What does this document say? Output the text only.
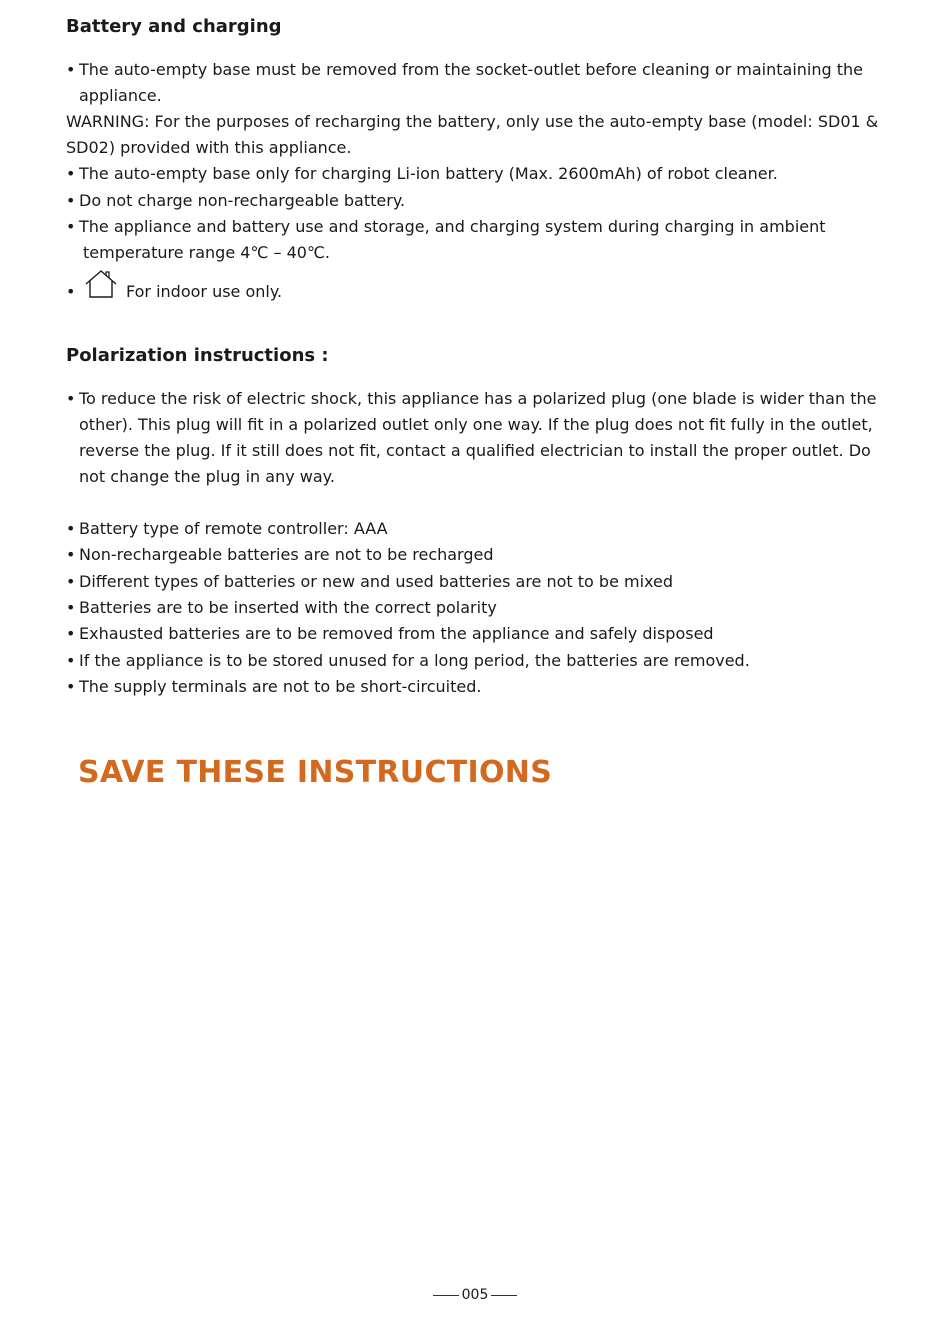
Battery and charging
• The auto-empty base must be removed from the socket-outlet before cleaning or maintaining the
appliance.
WARNING: For the purposes of recharging the battery, only use the auto-empty base (model: SD01 &
SD02) provided with this appliance.
• The auto-empty base only for charging Li-ion battery (Max. 2600mAh) of robot cleaner.
• Do not charge non-rechargeable battery.
• The appliance and battery use and storage, and charging system during charging in ambient
temperature range 4℃ – 40℃.
•	For indoor use only.
Polarization instructions :
• To reduce the risk of electric shock, this appliance has a polarized plug (one blade is wider than the
other). This plug will fit in a polarized outlet only one way. If the plug does not fit fully in the outlet,
reverse the plug. If it still does not fit, contact a qualified electrician to install the proper outlet. Do
not change the plug in any way.
• Battery type of remote controller: AAA
• Non-rechargeable batteries are not to be recharged
• Different types of batteries or new and used batteries are not to be mixed
• Batteries are to be inserted with the correct polarity
• Exhausted batteries are to be removed from the appliance and safely disposed
• If the appliance is to be stored unused for a long period, the batteries are removed.
• The supply terminals are not to be short-circuited.
SAVE THESE INSTRUCTIONS
005
